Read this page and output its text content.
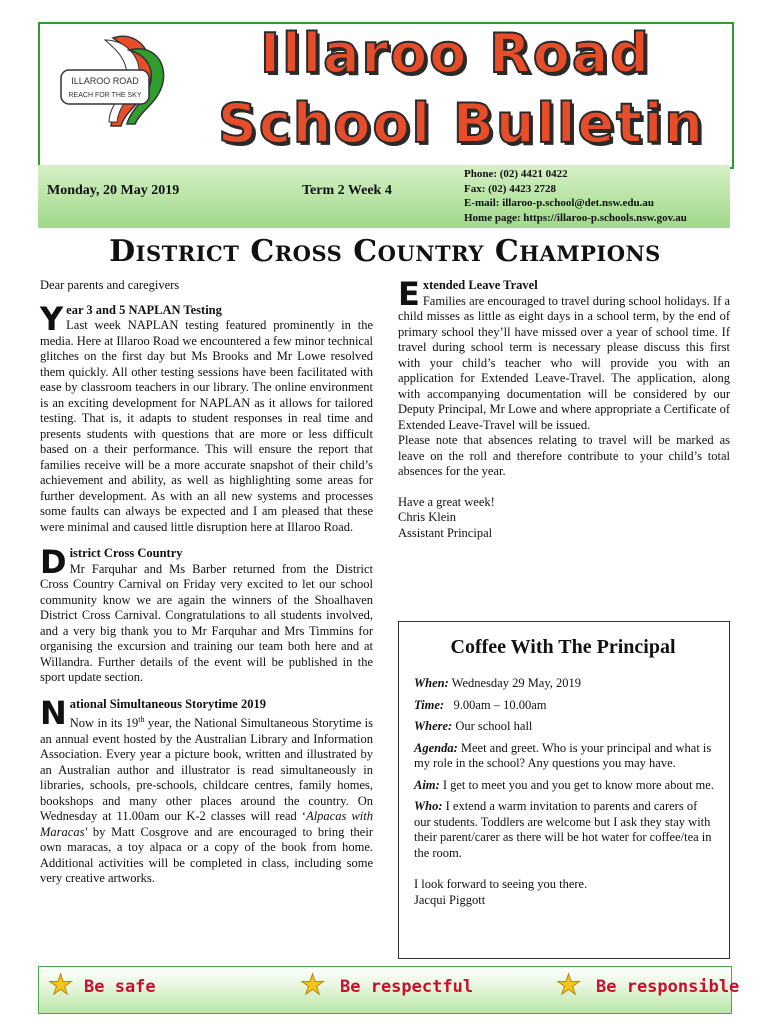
ILLAROO ROAD
REACH FOR THE SKY
Illaroo Road
School Bulletin
Monday, 20 May 2019	Term 2 Week 4
Phone: (02) 4421 0422
Fax: (02) 4423 2728
E-mail: illaroo-p.school@det.nsw.edu.au
Home page: https://illaroo-p.schools.nsw.gov.au
District Cross Country Champions

Dear parents and caregivers

Y ear 3 and 5 NAPLAN Testing

Last week NAPLAN testing featured prominently in the media. Here at Illaroo Road we encountered a few minor technical glitches on the first day but Ms Brooks and Mr Lowe resolved them quickly. All other testing sessions have been facilitated with ease by classroom teachers in our library. The online environment is an exciting development for NAPLAN as it allows for tailored testing. That is, it adapts to student responses in real time and presents students with questions that are more or less difficult based on a their performance. This will ensure the report that families receive will be a more accurate snapshot of their child’s achievement and ability, as well as highlighting some areas for further development. As with an all new systems and processes some faults can always be expected and I am pleased that these were minimal and caused little disruption here at Illaroo Road.

D istrict Cross Country

Mr Farquhar and Ms Barber returned from the District Cross Country Carnival on Friday very excited to let our school community know we are again the winners of the Shoalhaven District Cross Carnival. Congratulations to all students involved, and a very big thank you to Mr Farquhar and Mrs Timmins for organising the excursion and training our team both here and at Willandra. Further details of the event will be published in the sport update section.

N ational Simultaneous Storytime 2019

Now in its 19th year, the National Simultaneous Storytime is an annual event hosted by the Australian Library and Information Association. Every year a picture book, written and illustrated by an Australian author and illustrator is read simultaneously in libraries, schools, pre-schools, childcare centres, family homes, bookshops and many other places around the country. On Wednesday at 11.00am our K-2 classes will read ‘Alpacas with Maracas' by Matt Cosgrove and are encouraged to bring their own maracas, a toy alpaca or a copy of the book from home. Additional activities will be completed in class, including some very creative artworks.

E xtended Leave Travel

Families are encouraged to travel during school holidays. If a child misses as little as eight days in a school term, by the end of primary school they’ll have missed over a year of school time. If travel during school term is necessary please discuss this first with your child’s teacher who will provide you with an application for Extended Leave-Travel. The application, along with accompanying documentation will be considered by our Deputy Principal, Mr Lowe and where appropriate a Certificate of Extended Leave-Travel will be issued.

Please note that absences relating to travel will be marked as leave on the roll and therefore contribute to your child’s total absences for the year.

Have a great week!
Chris Klein
Assistant Principal
Coffee With The Principal
When: Wednesday 29 May, 2019
Time: 9.00am – 10.00am
Where: Our school hall
Agenda: Meet and greet. Who is your principal and what is my role in the school? Any questions you may have.
Aim: I get to meet you and you get to know more about me.
Who: I extend a warm invitation to parents and carers of our students. Toddlers are welcome but I ask they stay with their parent/carer as there will be hot water for coffee/tea in the room.
I look forward to seeing you there.
Jacqui Piggott
★ Be safe	★ Be respectful	★ Be responsible
